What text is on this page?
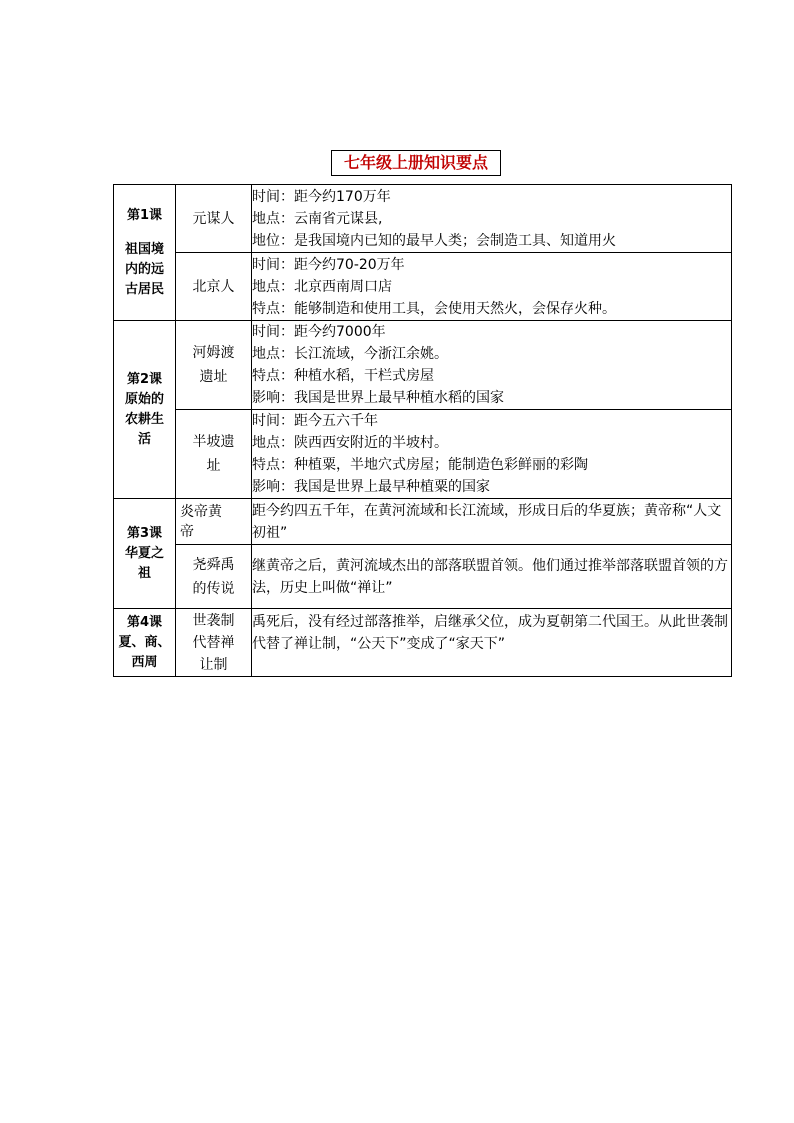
七年级上册知识要点
第1课
祖国境内的远古居民	元谋人	时间：距今约170万年
地点：云南省元谋县,
地位：是我国境内已知的最早人类；会制造工具、知道用火

	北京人	时间：距今约70-20万年
地点：北京西南周口店
特点：能够制造和使用工具，会使用天然火，会保存火种。

第2课
原始的农耕生活	河姆渡遗址	时间：距今约7000年
地点：长江流域，今浙江余姚。
特点：种植水稻，干栏式房屋
影响：我国是世界上最早种植水稻的国家

	半坡遗址	时间：距今五六千年
地点：陕西西安附近的半坡村。
特点：种植粟，半地穴式房屋；能制造色彩鲜丽的彩陶
影响：我国是世界上最早种植粟的国家

第3课
华夏之祖	炎帝黄帝	距今约四五千年，在黄河流域和长江流域，形成日后的华夏族；黄帝称“人文初祖”

	尧舜禹的传说	继黄帝之后，黄河流域杰出的部落联盟首领。他们通过推举部落联盟首领的方法，历史上叫做“禅让”

第4课
夏、商、西周	世袭制代替禅让制	禹死后，没有经过部落推举，启继承父位，成为夏朝第二代国王。从此世袭制代替了禅让制，“公天下”变成了“家天下”
